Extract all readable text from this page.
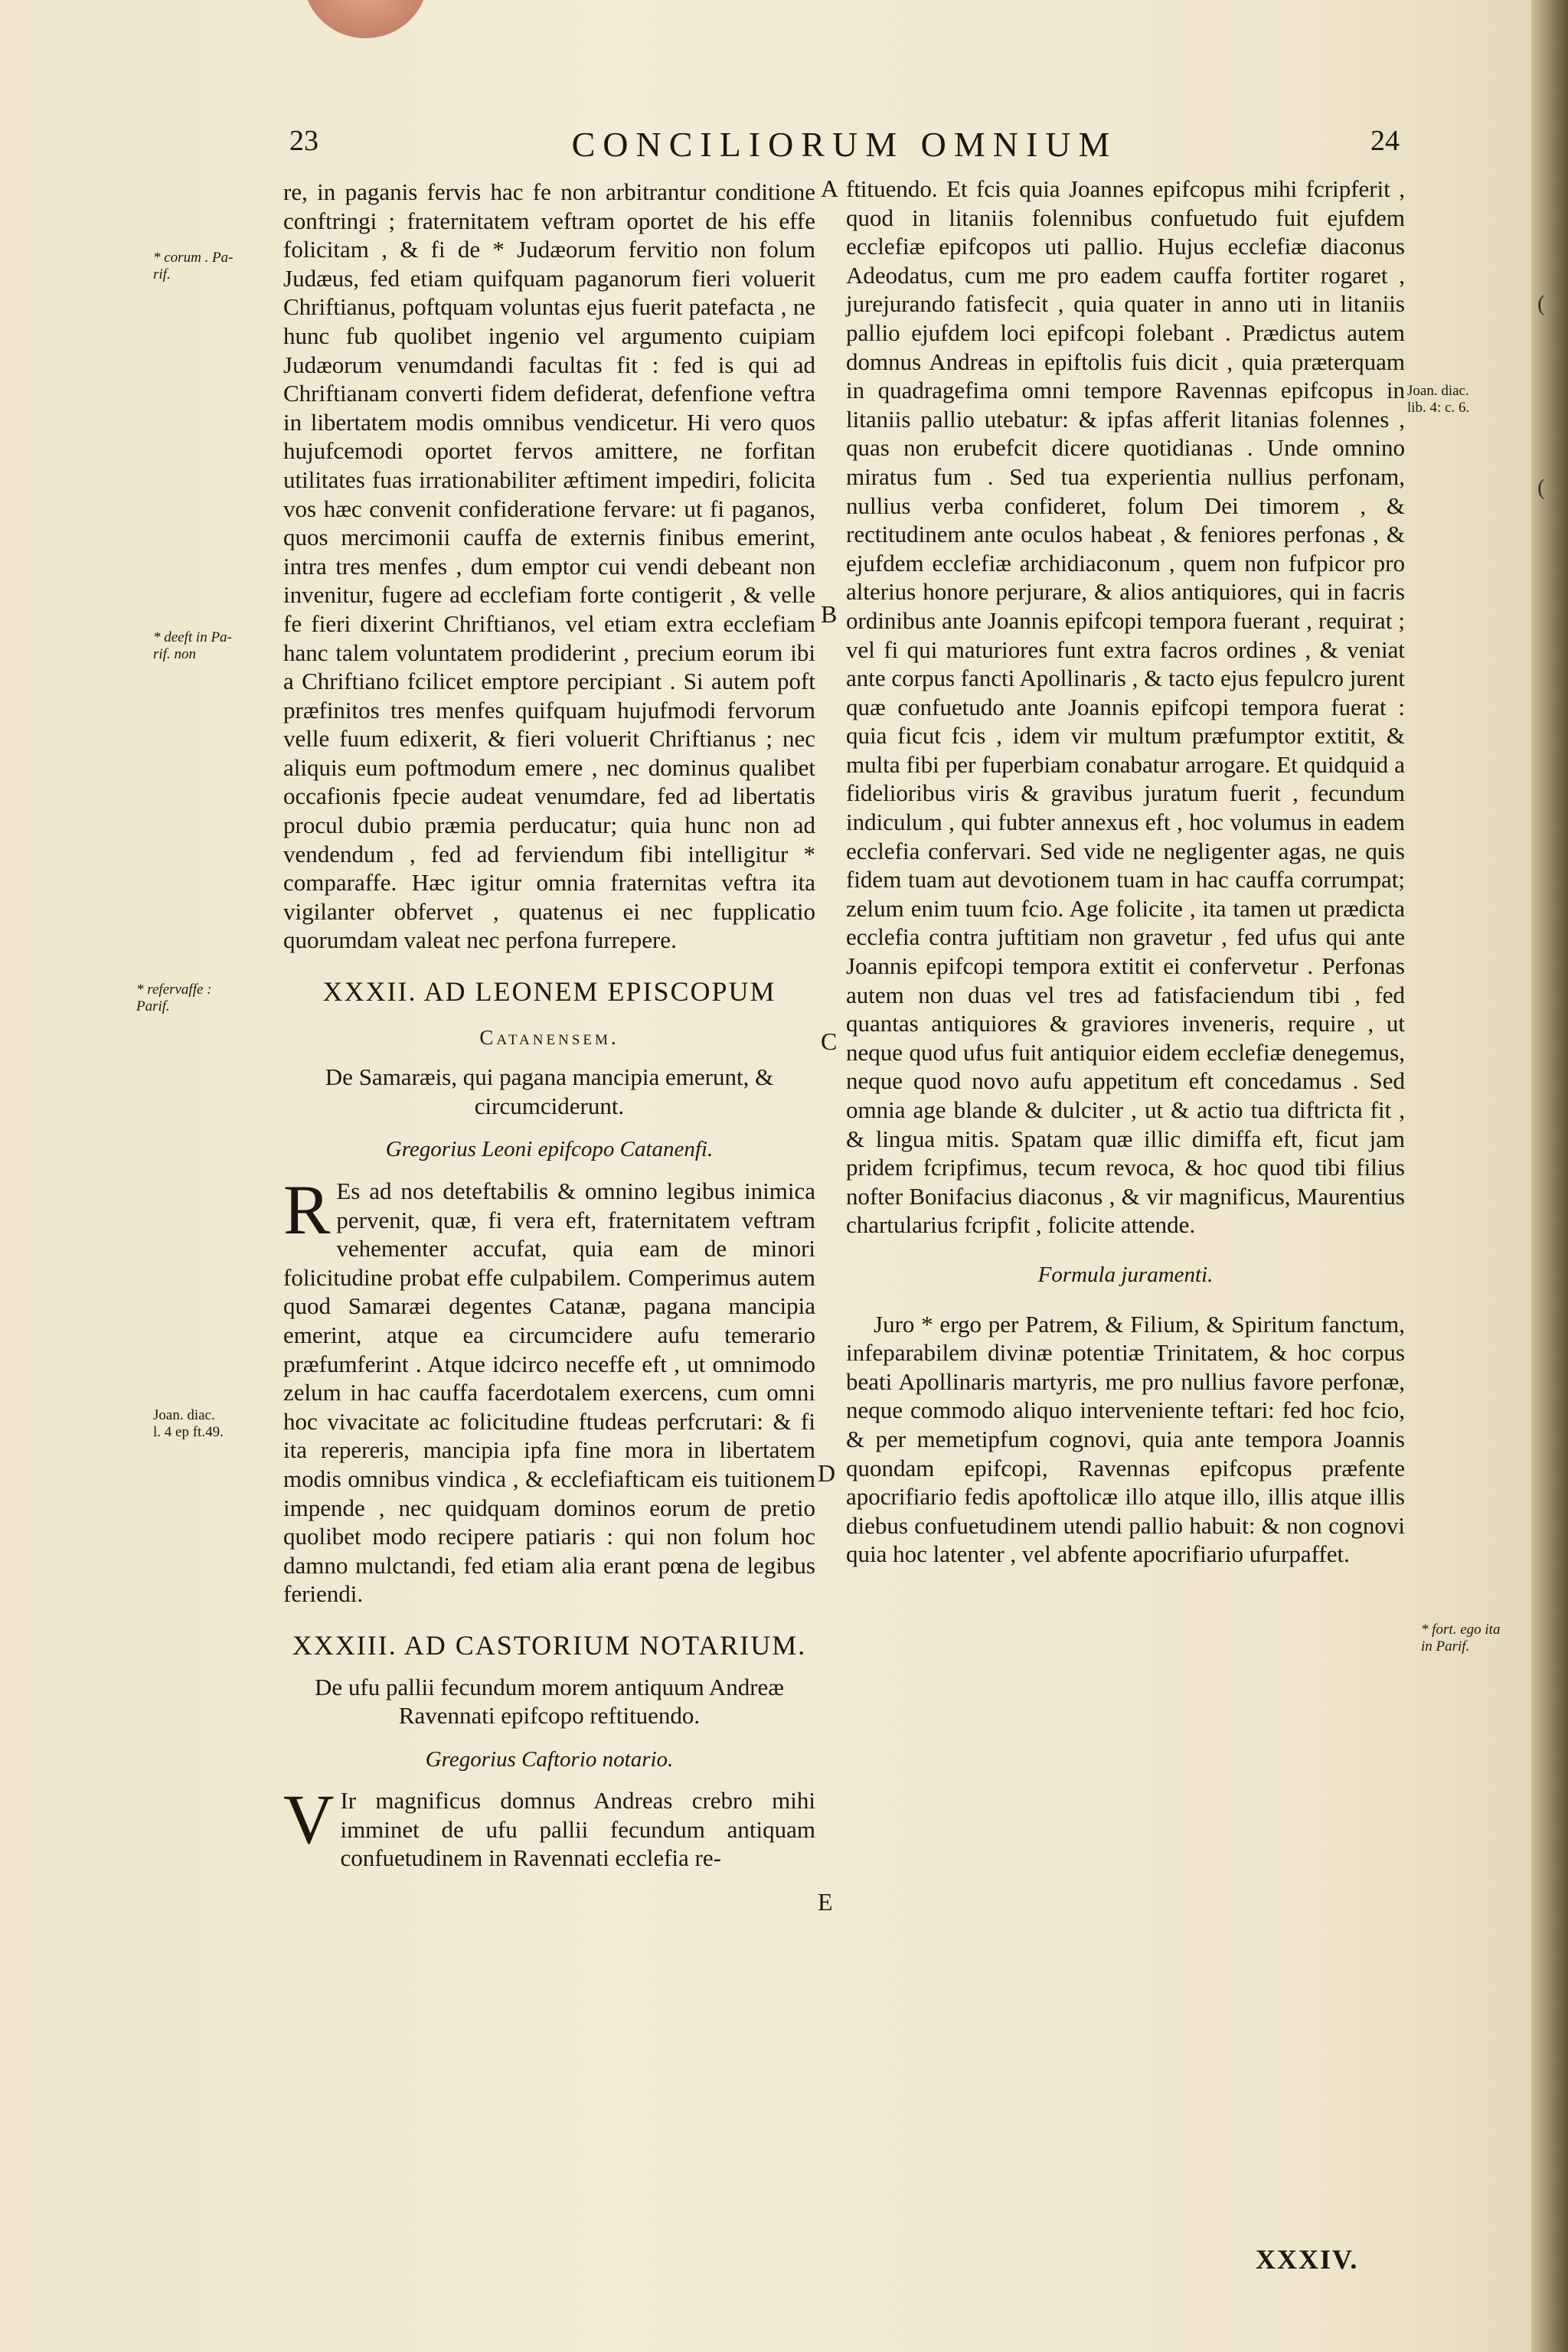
(
(
23	CONCILIORUM OMNIUM	24
A
B
C
D
E
* corum . Pa-
rif.
* deeft in Pa-
rif. non
* refervaffe :
Parif.
Joan. diac.
l. 4 ep ft.49.
Joan. diac.
lib. 4: c. 6.
* fort. ego ita
in Parif.

re, in paganis fervis hac fe non arbitrantur conditione conftringi ; fraternitatem veftram oportet de his effe folicitam , & fi de * Judæorum fervitio non folum Judæus, fed etiam quifquam paganorum fieri voluerit Chriftianus, poftquam voluntas ejus fuerit patefacta , ne hunc fub quolibet ingenio vel argumento cuipiam Judæorum venumdandi facultas fit : fed is qui ad Chriftianam converti fidem defiderat, defenfione veftra in libertatem modis omnibus vendicetur. Hi vero quos hujufcemodi oportet fervos amittere, ne forfitan utilitates fuas irrationabiliter æftiment impediri, folicita vos hæc convenit confideratione fervare: ut fi paganos, quos mercimonii cauffa de externis finibus emerint, intra tres menfes , dum emptor cui vendi debeant non invenitur, fugere ad ecclefiam forte contigerit , & velle fe fieri dixerint Chriftianos, vel etiam extra ecclefiam hanc talem voluntatem prodiderint , precium eorum ibi a Chriftiano fcilicet emptore percipiant . Si autem poft præfinitos tres menfes quifquam hujufmodi fervorum velle fuum edixerit, & fieri voluerit Chriftianus ; nec aliquis eum poftmodum emere , nec dominus qualibet occafionis fpecie audeat venumdare, fed ad libertatis procul dubio præmia perducatur; quia hunc non ad vendendum , fed ad ferviendum fibi intelligitur * comparaffe. Hæc igitur omnia fraternitas veftra ita vigilanter obfervet , quatenus ei nec fupplicatio quorumdam valeat nec perfona furrepere.

XXXII. AD LEONEM EPISCOPUM

Catanensem.

De Samaræis, qui pagana mancipia emerunt, & circumciderunt.

Gregorius Leoni epifcopo Catanenfi.

R Es ad nos deteftabilis & omnino legibus inimica pervenit, quæ, fi vera eft, fraternitatem veftram vehementer accufat, quia eam de minori folicitudine probat effe culpabilem. Comperimus autem quod Samaræi degentes Catanæ, pagana mancipia emerint, atque ea circumcidere aufu temerario præfumferint . Atque idcirco neceffe eft , ut omnimodo zelum in hac cauffa facerdotalem exercens, cum omni hoc vivacitate ac folicitudine ftudeas perfcrutari: & fi ita repereris, mancipia ipfa fine mora in libertatem modis omnibus vindica , & ecclefiafticam eis tuitionem impende , nec quidquam dominos eorum de pretio quolibet modo recipere patiaris : qui non folum hoc damno mulctandi, fed etiam alia erant pœna de legibus feriendi.

XXXIII. AD CASTORIUM NOTARIUM.

De ufu pallii fecundum morem antiquum Andreæ Ravennati epifcopo reftituendo.

Gregorius Caftorio notario.

V Ir magnificus domnus Andreas crebro mihi imminet de ufu pallii fecundum antiquam confuetudinem in Ravennati ecclefia re-

ftituendo. Et fcis quia Joannes epifcopus mihi fcripferit , quod in litaniis folennibus confuetudo fuit ejufdem ecclefiæ epifcopos uti pallio. Hujus ecclefiæ diaconus Adeodatus, cum me pro eadem cauffa fortiter rogaret , jurejurando fatisfecit , quia quater in anno uti in litaniis pallio ejufdem loci epifcopi folebant . Prædictus autem domnus Andreas in epiftolis fuis dicit , quia præterquam in quadragefima omni tempore Ravennas epifcopus in litaniis pallio utebatur: & ipfas afferit litanias folennes , quas non erubefcit dicere quotidianas . Unde omnino miratus fum . Sed tua experientia nullius perfonam, nullius verba confideret, folum Dei timorem , & rectitudinem ante oculos habeat , & feniores perfonas , & ejufdem ecclefiæ archidiaconum , quem non fufpicor pro alterius honore perjurare, & alios antiquiores, qui in facris ordinibus ante Joannis epifcopi tempora fuerant , requirat ; vel fi qui maturiores funt extra facros ordines , & veniat ante corpus fancti Apollinaris , & tacto ejus fepulcro jurent quæ confuetudo ante Joannis epifcopi tempora fuerat : quia ficut fcis , idem vir multum præfumptor extitit, & multa fibi per fuperbiam conabatur arrogare. Et quidquid a fidelioribus viris & gravibus juratum fuerit , fecundum indiculum , qui fubter annexus eft , hoc volumus in eadem ecclefia confervari. Sed vide ne negligenter agas, ne quis fidem tuam aut devotionem tuam in hac cauffa corrumpat; zelum enim tuum fcio. Age folicite , ita tamen ut prædicta ecclefia contra juftitiam non gravetur , fed ufus qui ante Joannis epifcopi tempora extitit ei confervetur . Perfonas autem non duas vel tres ad fatisfaciendum tibi , fed quantas antiquiores & graviores inveneris, require , ut neque quod ufus fuit antiquior eidem ecclefiæ denegemus, neque quod novo aufu appetitum eft concedamus . Sed omnia age blande & dulciter , ut & actio tua diftricta fit , & lingua mitis. Spatam quæ illic dimiffa eft, ficut jam pridem fcripfimus, tecum revoca, & hoc quod tibi filius nofter Bonifacius diaconus , & vir magnificus, Maurentius chartularius fcripfit , folicite attende.

Formula juramenti.

Juro * ergo per Patrem, & Filium, & Spiritum fanctum, infeparabilem divinæ potentiæ Trinitatem, & hoc corpus beati Apollinaris martyris, me pro nullius favore perfonæ, neque commodo aliquo interveniente teftari: fed hoc fcio, & per memetipfum cognovi, quia ante tempora Joannis quondam epifcopi, Ravennas epifcopus præfente apocrifiario fedis apoftolicæ illo atque illo, illis atque illis diebus confuetudinem utendi pallio habuit: & non cognovi quia hoc latenter , vel abfente apocrifiario ufurpaffet.

XXXIV.
